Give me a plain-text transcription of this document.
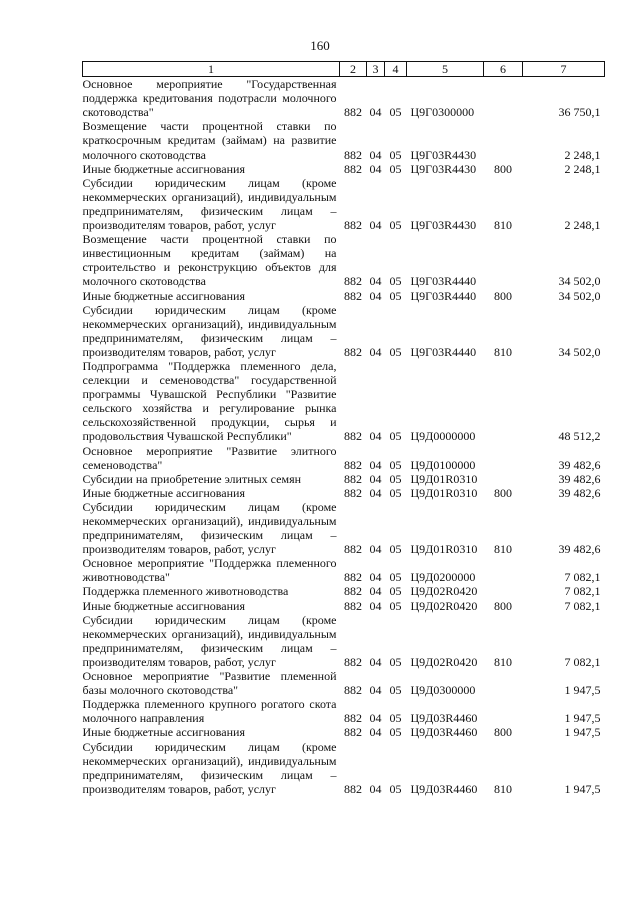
160
1	2	3	4	5	6	7
Основное мероприятие "Государственная поддержка кредитования подотрасли молочного скотоводства"	882	04	05	Ц9Г0300000		36 750,1
Возмещение части процентной ставки по краткосрочным кредитам (займам) на развитие молочного скотоводства	882	04	05	Ц9Г03R4430		2 248,1
Иные бюджетные ассигнования	882	04	05	Ц9Г03R4430	800	2 248,1
Субсидии юридическим лицам (кроме некоммерческих организаций), индивидуальным предпринимателям, физическим лицам – производителям товаров, работ, услуг	882	04	05	Ц9Г03R4430	810	2 248,1
Возмещение части процентной ставки по инвестиционным кредитам (займам) на строительство и реконструкцию объектов для молочного скотоводства	882	04	05	Ц9Г03R4440		34 502,0
Иные бюджетные ассигнования	882	04	05	Ц9Г03R4440	800	34 502,0
Субсидии юридическим лицам (кроме некоммерческих организаций), индивидуальным предпринимателям, физическим лицам – производителям товаров, работ, услуг	882	04	05	Ц9Г03R4440	810	34 502,0
Подпрограмма "Поддержка племенного дела, селекции и семеноводства" государственной программы Чувашской Республики "Развитие сельского хозяйства и регулирование рынка сельскохозяйственной продукции, сырья и продовольствия Чувашской Республики"	882	04	05	Ц9Д0000000		48 512,2
Основное мероприятие "Развитие элитного семеноводства"	882	04	05	Ц9Д0100000		39 482,6
Субсидии на приобретение элитных семян	882	04	05	Ц9Д01R0310		39 482,6
Иные бюджетные ассигнования	882	04	05	Ц9Д01R0310	800	39 482,6
Субсидии юридическим лицам (кроме некоммерческих организаций), индивидуальным предпринимателям, физическим лицам – производителям товаров, работ, услуг	882	04	05	Ц9Д01R0310	810	39 482,6
Основное мероприятие "Поддержка племенного животноводства"	882	04	05	Ц9Д0200000		7 082,1
Поддержка племенного животноводства	882	04	05	Ц9Д02R0420		7 082,1
Иные бюджетные ассигнования	882	04	05	Ц9Д02R0420	800	7 082,1
Субсидии юридическим лицам (кроме некоммерческих организаций), индивидуальным предпринимателям, физическим лицам – производителям товаров, работ, услуг	882	04	05	Ц9Д02R0420	810	7 082,1
Основное мероприятие "Развитие племенной базы молочного скотоводства"	882	04	05	Ц9Д0300000		1 947,5
Поддержка племенного крупного рогатого скота молочного направления	882	04	05	Ц9Д03R4460		1 947,5
Иные бюджетные ассигнования	882	04	05	Ц9Д03R4460	800	1 947,5
Субсидии юридическим лицам (кроме некоммерческих организаций), индивидуальным предпринимателям, физическим лицам – производителям товаров, работ, услуг	882	04	05	Ц9Д03R4460	810	1 947,5
